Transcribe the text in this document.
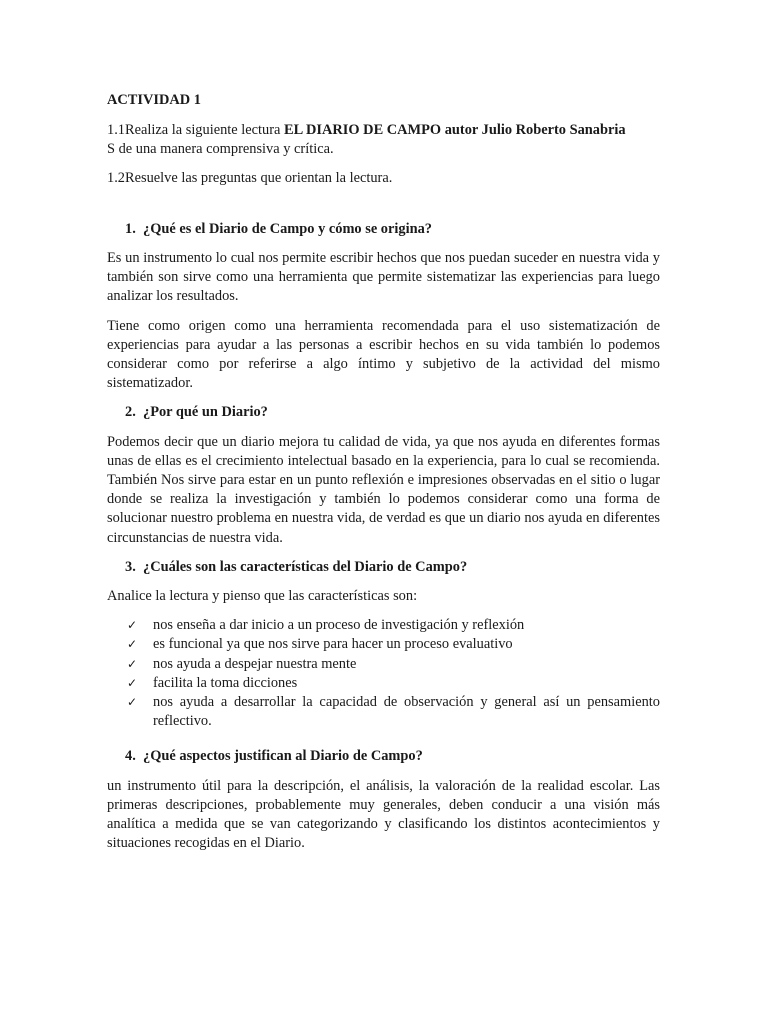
ACTIVIDAD 1

1.1Realiza la siguiente lectura EL DIARIO DE CAMPO autor Julio Roberto Sanabria
S de una manera comprensiva y crítica.

1.2Resuelve las preguntas que orientan la lectura.

1. ¿Qué es el Diario de Campo y cómo se origina?

Es un instrumento lo cual nos permite escribir hechos que nos puedan suceder en nuestra vida y también son sirve como una herramienta que permite sistematizar las experiencias para luego analizar los resultados.

Tiene como origen como una herramienta recomendada para el uso sistematización de experiencias para ayudar a las personas a escribir hechos en su vida también lo podemos considerar como por referirse a algo íntimo y subjetivo de la actividad del mismo sistematizador.

2. ¿Por qué un Diario?

Podemos decir que un diario mejora tu calidad de vida, ya que nos ayuda en diferentes formas unas de ellas es el crecimiento intelectual basado en la experiencia, para lo cual se recomienda. También Nos sirve para estar en un punto reflexión e impresiones observadas en el sitio o lugar donde se realiza la investigación y también lo podemos considerar como una forma de solucionar nuestro problema en nuestra vida, de verdad es que un diario nos ayuda en diferentes circunstancias de nuestra vida.

3. ¿Cuáles son las características del Diario de Campo?

Analice la lectura y pienso que las características son:

✓	nos enseña a dar inicio a un proceso de investigación y reflexión
✓	es funcional ya que nos sirve para hacer un proceso evaluativo
✓	nos ayuda a despejar nuestra mente
✓	facilita la toma dicciones
✓	nos ayuda a desarrollar la capacidad de observación y general así un pensamiento reflectivo.
4. ¿Qué aspectos justifican al Diario de Campo?

un instrumento útil para la descripción, el análisis, la valoración de la realidad escolar. Las primeras descripciones, probablemente muy generales, deben conducir a una visión más analítica a medida que se van categorizando y clasificando los distintos acontecimientos y situaciones recogidas en el Diario.
